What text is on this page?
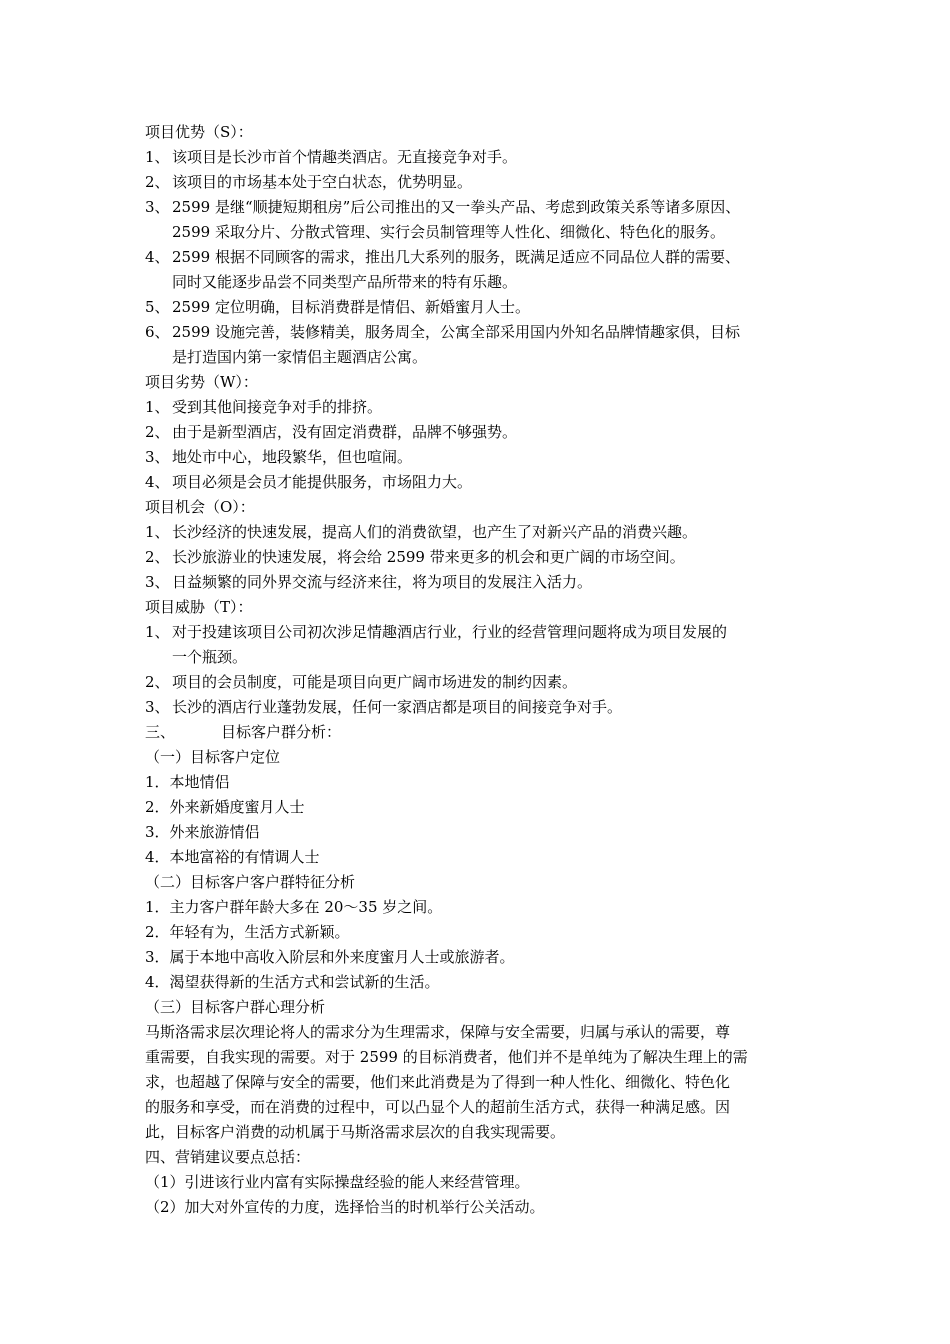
项目优势（S）：
1、 该项目是长沙市首个情趣类酒店。无直接竞争对手。
2、 该项目的市场基本处于空白状态，优势明显。
3、 2599 是继“顺捷短期租房”后公司推出的又一拳头产品、考虑到政策关系等诸多原因、
2599 采取分片、分散式管理、实行会员制管理等人性化、细微化、特色化的服务。
4、 2599 根据不同顾客的需求，推出几大系列的服务，既满足适应不同品位人群的需要、
同时又能逐步品尝不同类型产品所带来的特有乐趣。
5、 2599 定位明确，目标消费群是情侣、新婚蜜月人士。
6、 2599 设施完善，装修精美，服务周全，公寓全部采用国内外知名品牌情趣家俱，目标
是打造国内第一家情侣主题酒店公寓。
项目劣势（W）：
1、 受到其他间接竞争对手的排挤。
2、 由于是新型酒店，没有固定消费群，品牌不够强势。
3、 地处市中心，地段繁华，但也喧闹。
4、 项目必须是会员才能提供服务，市场阻力大。
项目机会（O）：
1、 长沙经济的快速发展，提高人们的消费欲望，也产生了对新兴产品的消费兴趣。
2、 长沙旅游业的快速发展，将会给 2599 带来更多的机会和更广阔的市场空间。
3、 日益频繁的同外界交流与经济来往，将为项目的发展注入活力。
项目威胁（T）：
1、 对于投建该项目公司初次涉足情趣酒店行业，行业的经营管理问题将成为项目发展的
一个瓶颈。
2、 项目的会员制度，可能是项目向更广阔市场进发的制约因素。
3、 长沙的酒店行业蓬勃发展，任何一家酒店都是项目的间接竞争对手。
三、	目标客户群分析：
（一）目标客户定位
1．本地情侣
2．外来新婚度蜜月人士
3．外来旅游情侣
4．本地富裕的有情调人士
（二）目标客户客户群特征分析
1．主力客户群年龄大多在 20～35 岁之间。
2．年轻有为，生活方式新颖。
3．属于本地中高收入阶层和外来度蜜月人士或旅游者。
4．渴望获得新的生活方式和尝试新的生活。
（三）目标客户群心理分析
马斯洛需求层次理论将人的需求分为生理需求，保障与安全需要，归属与承认的需要，尊
重需要，自我实现的需要。对于 2599 的目标消费者，他们并不是单纯为了解决生理上的需
求，也超越了保障与安全的需要，他们来此消费是为了得到一种人性化、细微化、特色化
的服务和享受，而在消费的过程中，可以凸显个人的超前生活方式，获得一种满足感。因
此，目标客户消费的动机属于马斯洛需求层次的自我实现需要。
四、营销建议要点总括：
（1）引进该行业内富有实际操盘经验的能人来经营管理。
（2）加大对外宣传的力度，选择恰当的时机举行公关活动。
